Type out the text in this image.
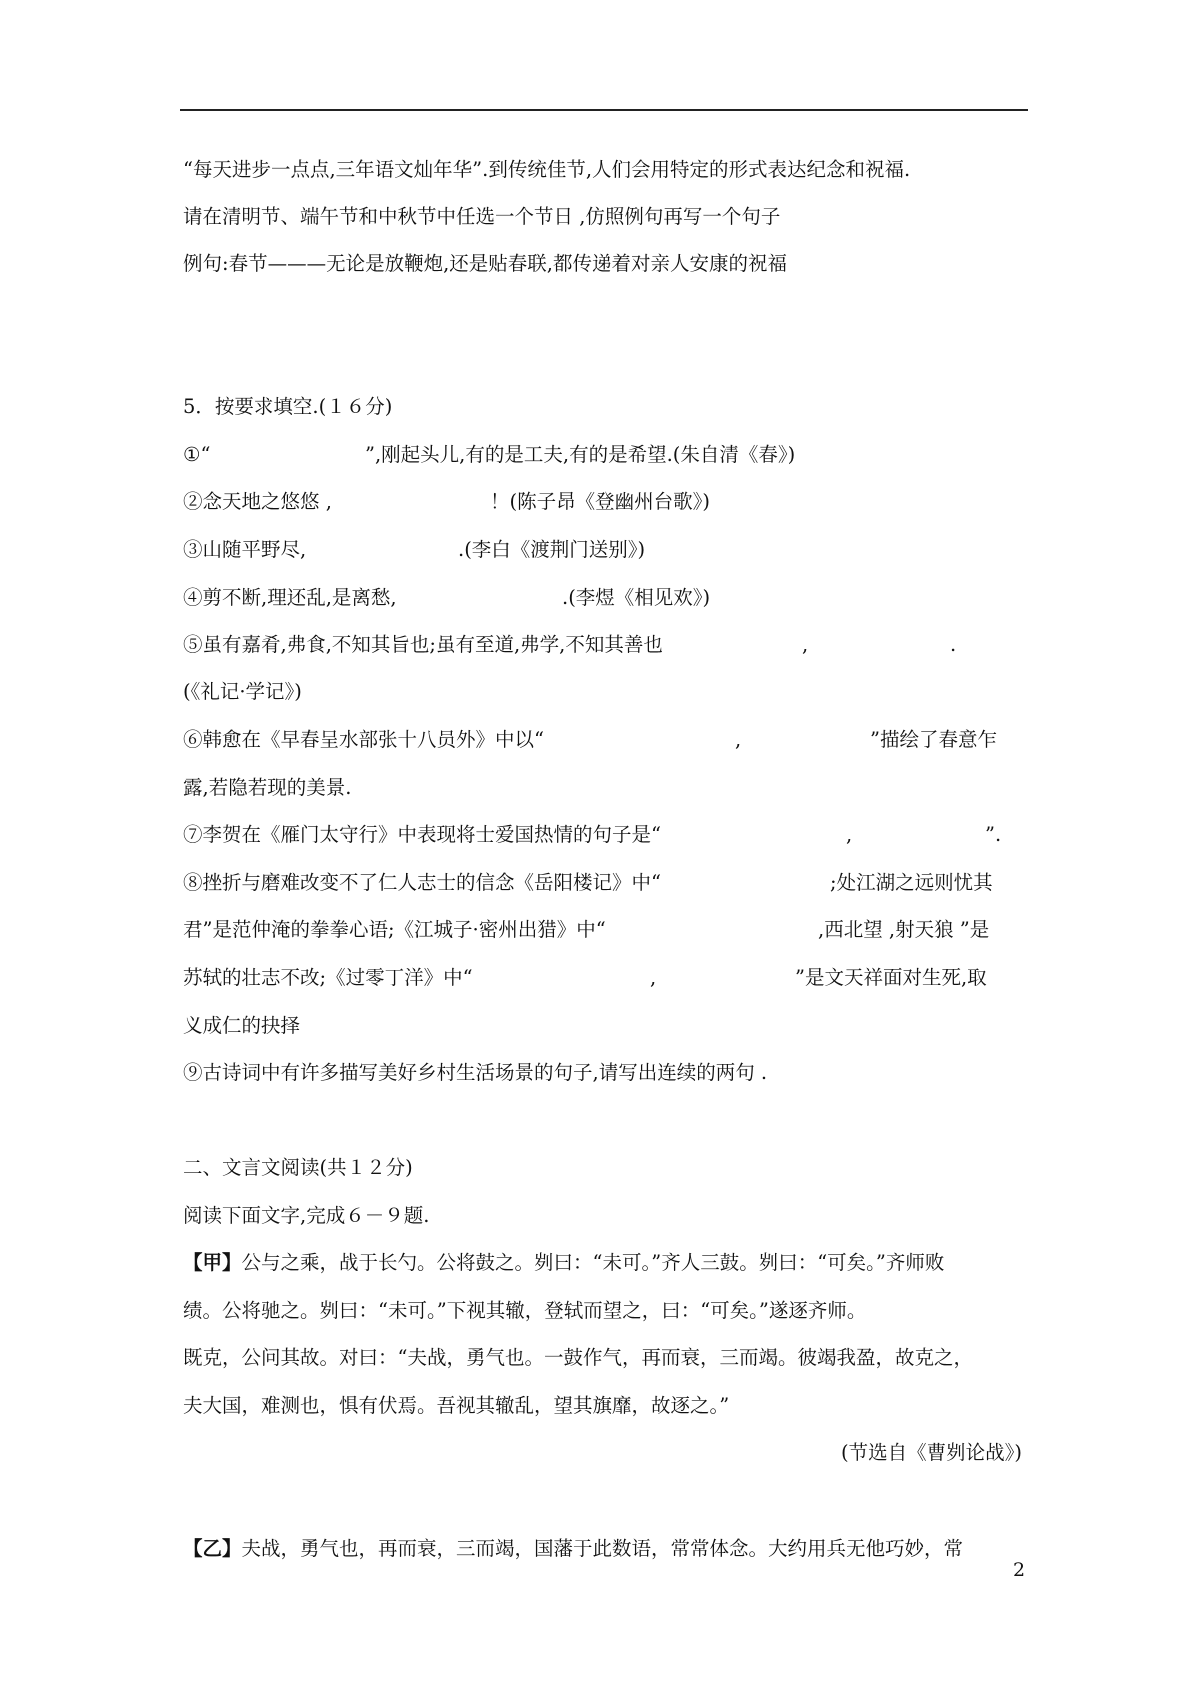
“每天进步一点点,三年语文灿年华”.到传统佳节,人们会用特定的形式表达纪念和祝福.
请在清明节、端午节和中秋节中任选一个节日 ,仿照例句再写一个句子
例句:春节———无论是放鞭炮,还是贴春联,都传递着对亲人安康的祝福
5．按要求填空.(１６分)
①“	”,刚起头儿,有的是工夫,有的是希望.(朱自清《春》)
②念天地之悠悠 ,	！(陈子昂《登幽州台歌》)
③山随平野尽,	.(李白《渡荆门送别》)
④剪不断,理还乱,是离愁,	.(李煜《相见欢》)
⑤虽有嘉肴,弗食,不知其旨也;虽有至道,弗学,不知其善也	,	.
(《礼记·学记》)
⑥韩愈在《早春呈水部张十八员外》中以“	,	”描绘了春意乍
露,若隐若现的美景.
⑦李贺在《雁门太守行》中表现将士爱国热情的句子是“	,	”.
⑧挫折与磨难改变不了仁人志士的信念《岳阳楼记》中“	;处江湖之远则忧其
君”是范仲淹的拳拳心语;《江城子·密州出猎》中“	,西北望 ,射天狼 ”是
苏轼的壮志不改;《过零丁洋》中“	,	”是文天祥面对生死,取
义成仁的抉择
⑨古诗词中有许多描写美好乡村生活场景的句子,请写出连续的两句 .
二、文言文阅读(共１２分)
阅读下面文字,完成６－９题.
【甲】公与之乘，战于长勺。公将鼓之。刿曰：“未可。”齐人三鼓。刿曰：“可矣。”齐师败
绩。公将驰之。刿曰：“未可。”下视其辙，登轼而望之，曰：“可矣。”遂逐齐师。
既克，公问其故。对曰：“夫战，勇气也。一鼓作气，再而衰，三而竭。彼竭我盈，故克之，
夫大国，难测也，惧有伏焉。吾视其辙乱，望其旗靡，故逐之。”
(节选自《曹刿论战》)
【乙】夫战，勇气也，再而衰，三而竭，国藩于此数语，常常体念。大约用兵无他巧妙，常
2
